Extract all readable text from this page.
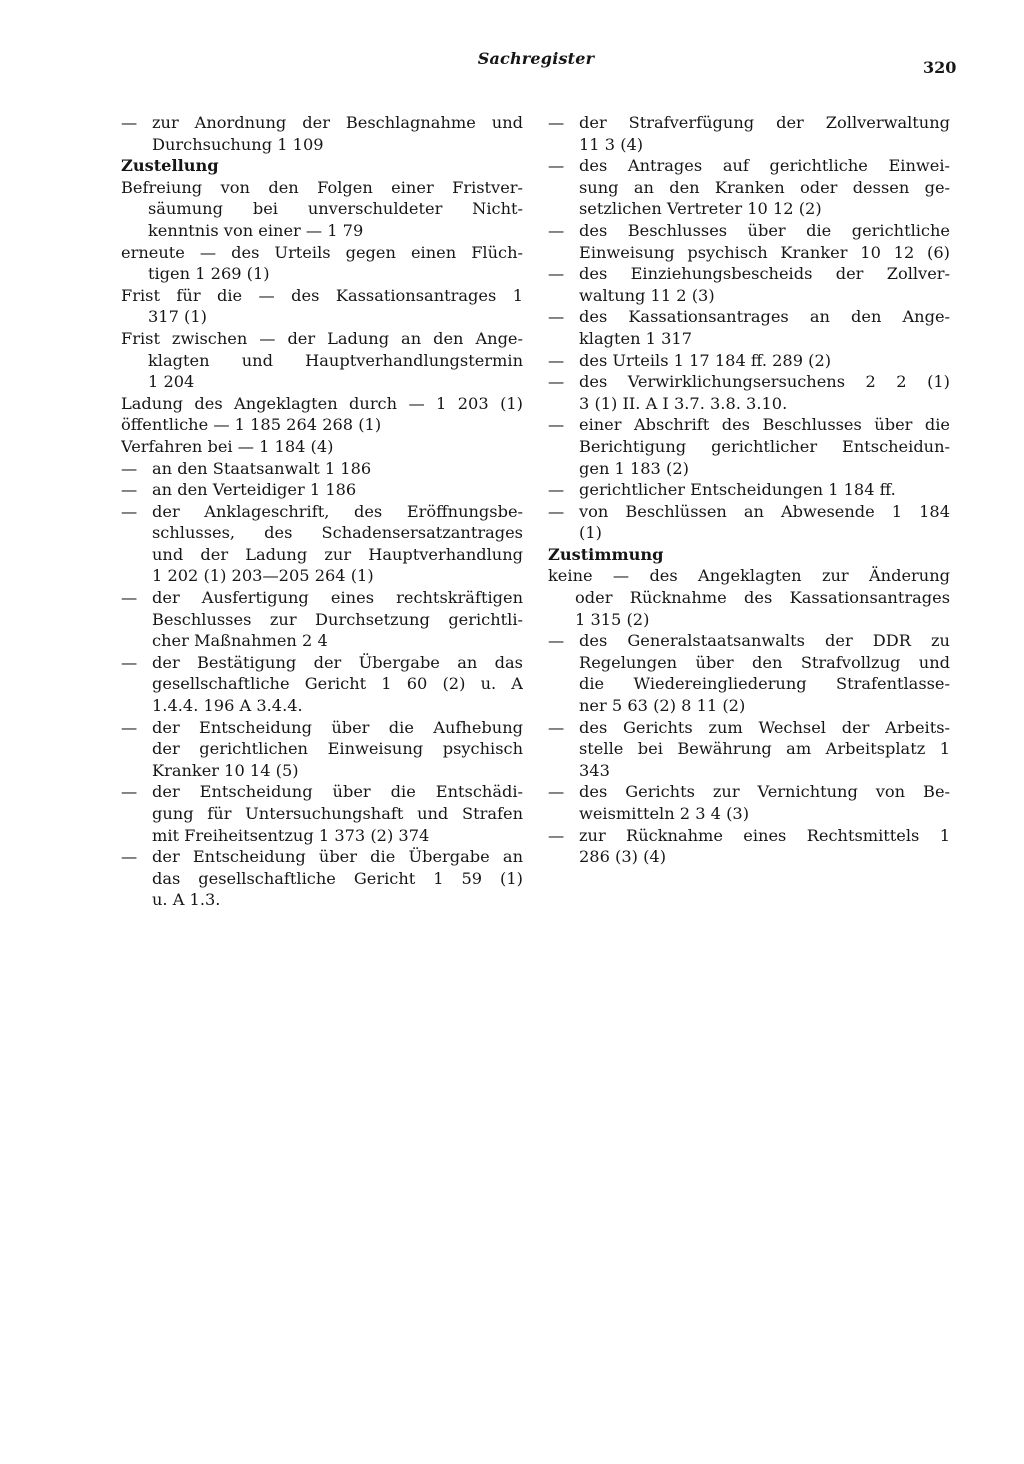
Sachregister	320
— zur Anordnung der Beschlagnahme und
Durchsuchung 1 109
Zustellung
Befreiung von den Folgen einer Fristver-
säumung bei unverschuldeter Nicht-
kenntnis von einer — 1 79
erneute — des Urteils gegen einen Flüch-
tigen 1 269 (1)
Frist für die — des Kassationsantrages 1
317 (1)
Frist zwischen — der Ladung an den Ange-
klagten und Hauptverhandlungstermin
1 204
Ladung des Angeklagten durch — 1 203 (1)
öffentliche — 1 185 264 268 (1)
Verfahren bei — 1 184 (4)
— an den Staatsanwalt 1 186
— an den Verteidiger 1 186
— der Anklageschrift, des Eröffnungsbe-
schlusses, des Schadensersatzantrages
und der Ladung zur Hauptverhandlung
1 202 (1) 203—205 264 (1)
— der Ausfertigung eines rechtskräftigen
Beschlusses zur Durchsetzung gerichtli-
cher Maßnahmen 2 4
— der Bestätigung der Übergabe an das
gesellschaftliche Gericht 1 60 (2) u. A
1.4.4. 196 A 3.4.4.
— der Entscheidung über die Aufhebung
der gerichtlichen Einweisung psychisch
Kranker 10 14 (5)
— der Entscheidung über die Entschädi-
gung für Untersuchungshaft und Strafen
mit Freiheitsentzug 1 373 (2) 374
— der Entscheidung über die Übergabe an
das gesellschaftliche Gericht 1 59 (1)
u. A 1.3.
— der Strafverfügung der Zollverwaltung
11 3 (4)
— des Antrages auf gerichtliche Einwei-
sung an den Kranken oder dessen ge-
setzlichen Vertreter 10 12 (2)
— des Beschlusses über die gerichtliche
Einweisung psychisch Kranker 10 12 (6)
— des Einziehungsbescheids der Zollver-
waltung 11 2 (3)
— des Kassationsantrages an den Ange-
klagten 1 317
— des Urteils 1 17 184 ff. 289 (2)
— des Verwirklichungsersuchens 2 2 (1)
3 (1) II. A I 3.7. 3.8. 3.10.
— einer Abschrift des Beschlusses über die
Berichtigung gerichtlicher Entscheidun-
gen 1 183 (2)
— gerichtlicher Entscheidungen 1 184 ff.
— von Beschlüssen an Abwesende 1 184
(1)
Zustimmung
keine — des Angeklagten zur Änderung
oder Rücknahme des Kassationsantrages
1 315 (2)
— des Generalstaatsanwalts der DDR zu
Regelungen über den Strafvollzug und
die Wiedereingliederung Strafentlasse-
ner 5 63 (2) 8 11 (2)
— des Gerichts zum Wechsel der Arbeits-
stelle bei Bewährung am Arbeitsplatz 1
343
— des Gerichts zur Vernichtung von Be-
weismitteln 2 3 4 (3)
— zur Rücknahme eines Rechtsmittels 1
286 (3) (4)
